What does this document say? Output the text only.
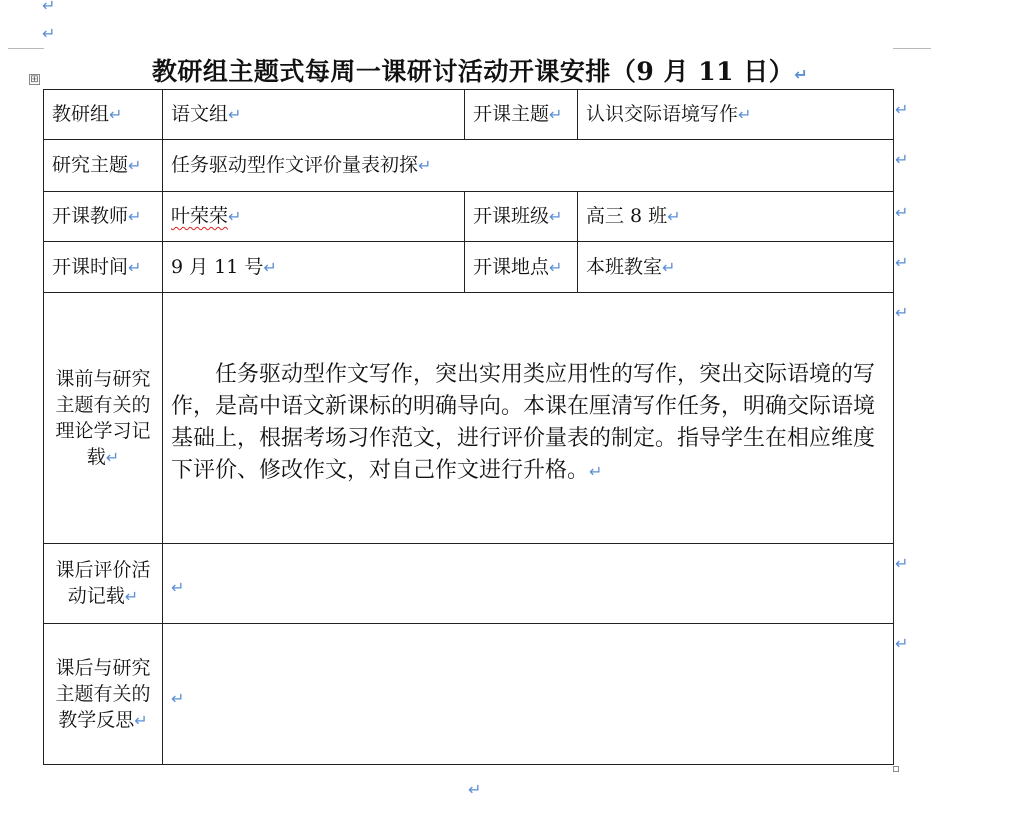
↵
↵
教研组主题式每周一课研讨活动开课安排（9 月 11 日）↵
⊞
教研组↵	语文组↵	开课主题↵	认识交际语境写作↵
研究主题↵	任务驱动型作文评价量表初探↵		
开课教师↵	叶荣荣↵	开课班级↵	高三 8 班↵
开课时间↵	9 月 11 号↵	开课地点↵	本班教室↵
课前与研究主题有关的理论学习记载↵	任务驱动型作文写作，突出实用类应用性的写作，突出交际语境的写作，是高中语文新课标的明确导向。本课在厘清写作任务，明确交际语境基础上，根据考场习作范文，进行评价量表的制定。指导学生在相应维度下评价、修改作文，对自己作文进行升格。↵		

课后评价活动记载↵	↵		

课后与研究主题有关的教学反思↵	↵		
↵
↵
↵
↵
↵
↵
↵
↵
